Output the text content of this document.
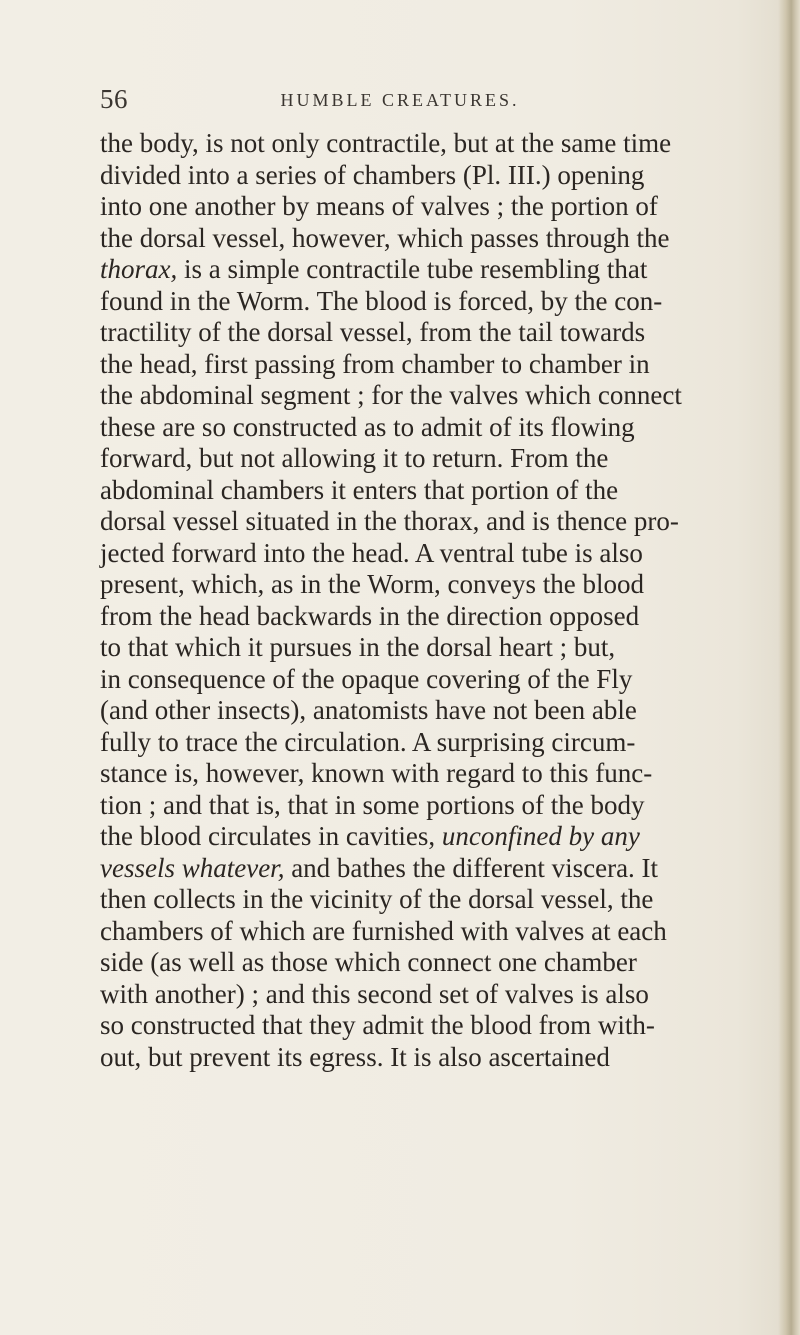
56	HUMBLE CREATURES.
the body, is not only contractile, but at the same time
divided into a series of chambers (Pl. III.) opening
into one another by means of valves ; the portion of
the dorsal vessel, however, which passes through the
thorax, is a simple contractile tube resembling that
found in the Worm. The blood is forced, by the con-
tractility of the dorsal vessel, from the tail towards
the head, first passing from chamber to chamber in
the abdominal segment ; for the valves which connect
these are so constructed as to admit of its flowing
forward, but not allowing it to return. From the
abdominal chambers it enters that portion of the
dorsal vessel situated in the thorax, and is thence pro-
jected forward into the head. A ventral tube is also
present, which, as in the Worm, conveys the blood
from the head backwards in the direction opposed
to that which it pursues in the dorsal heart ; but,
in consequence of the opaque covering of the Fly
(and other insects), anatomists have not been able
fully to trace the circulation. A surprising circum-
stance is, however, known with regard to this func-
tion ; and that is, that in some portions of the body
the blood circulates in cavities, unconfined by any
vessels whatever, and bathes the different viscera. It
then collects in the vicinity of the dorsal vessel, the
chambers of which are furnished with valves at each
side (as well as those which connect one chamber
with another) ; and this second set of valves is also
so constructed that they admit the blood from with-
out, but prevent its egress. It is also ascertained
